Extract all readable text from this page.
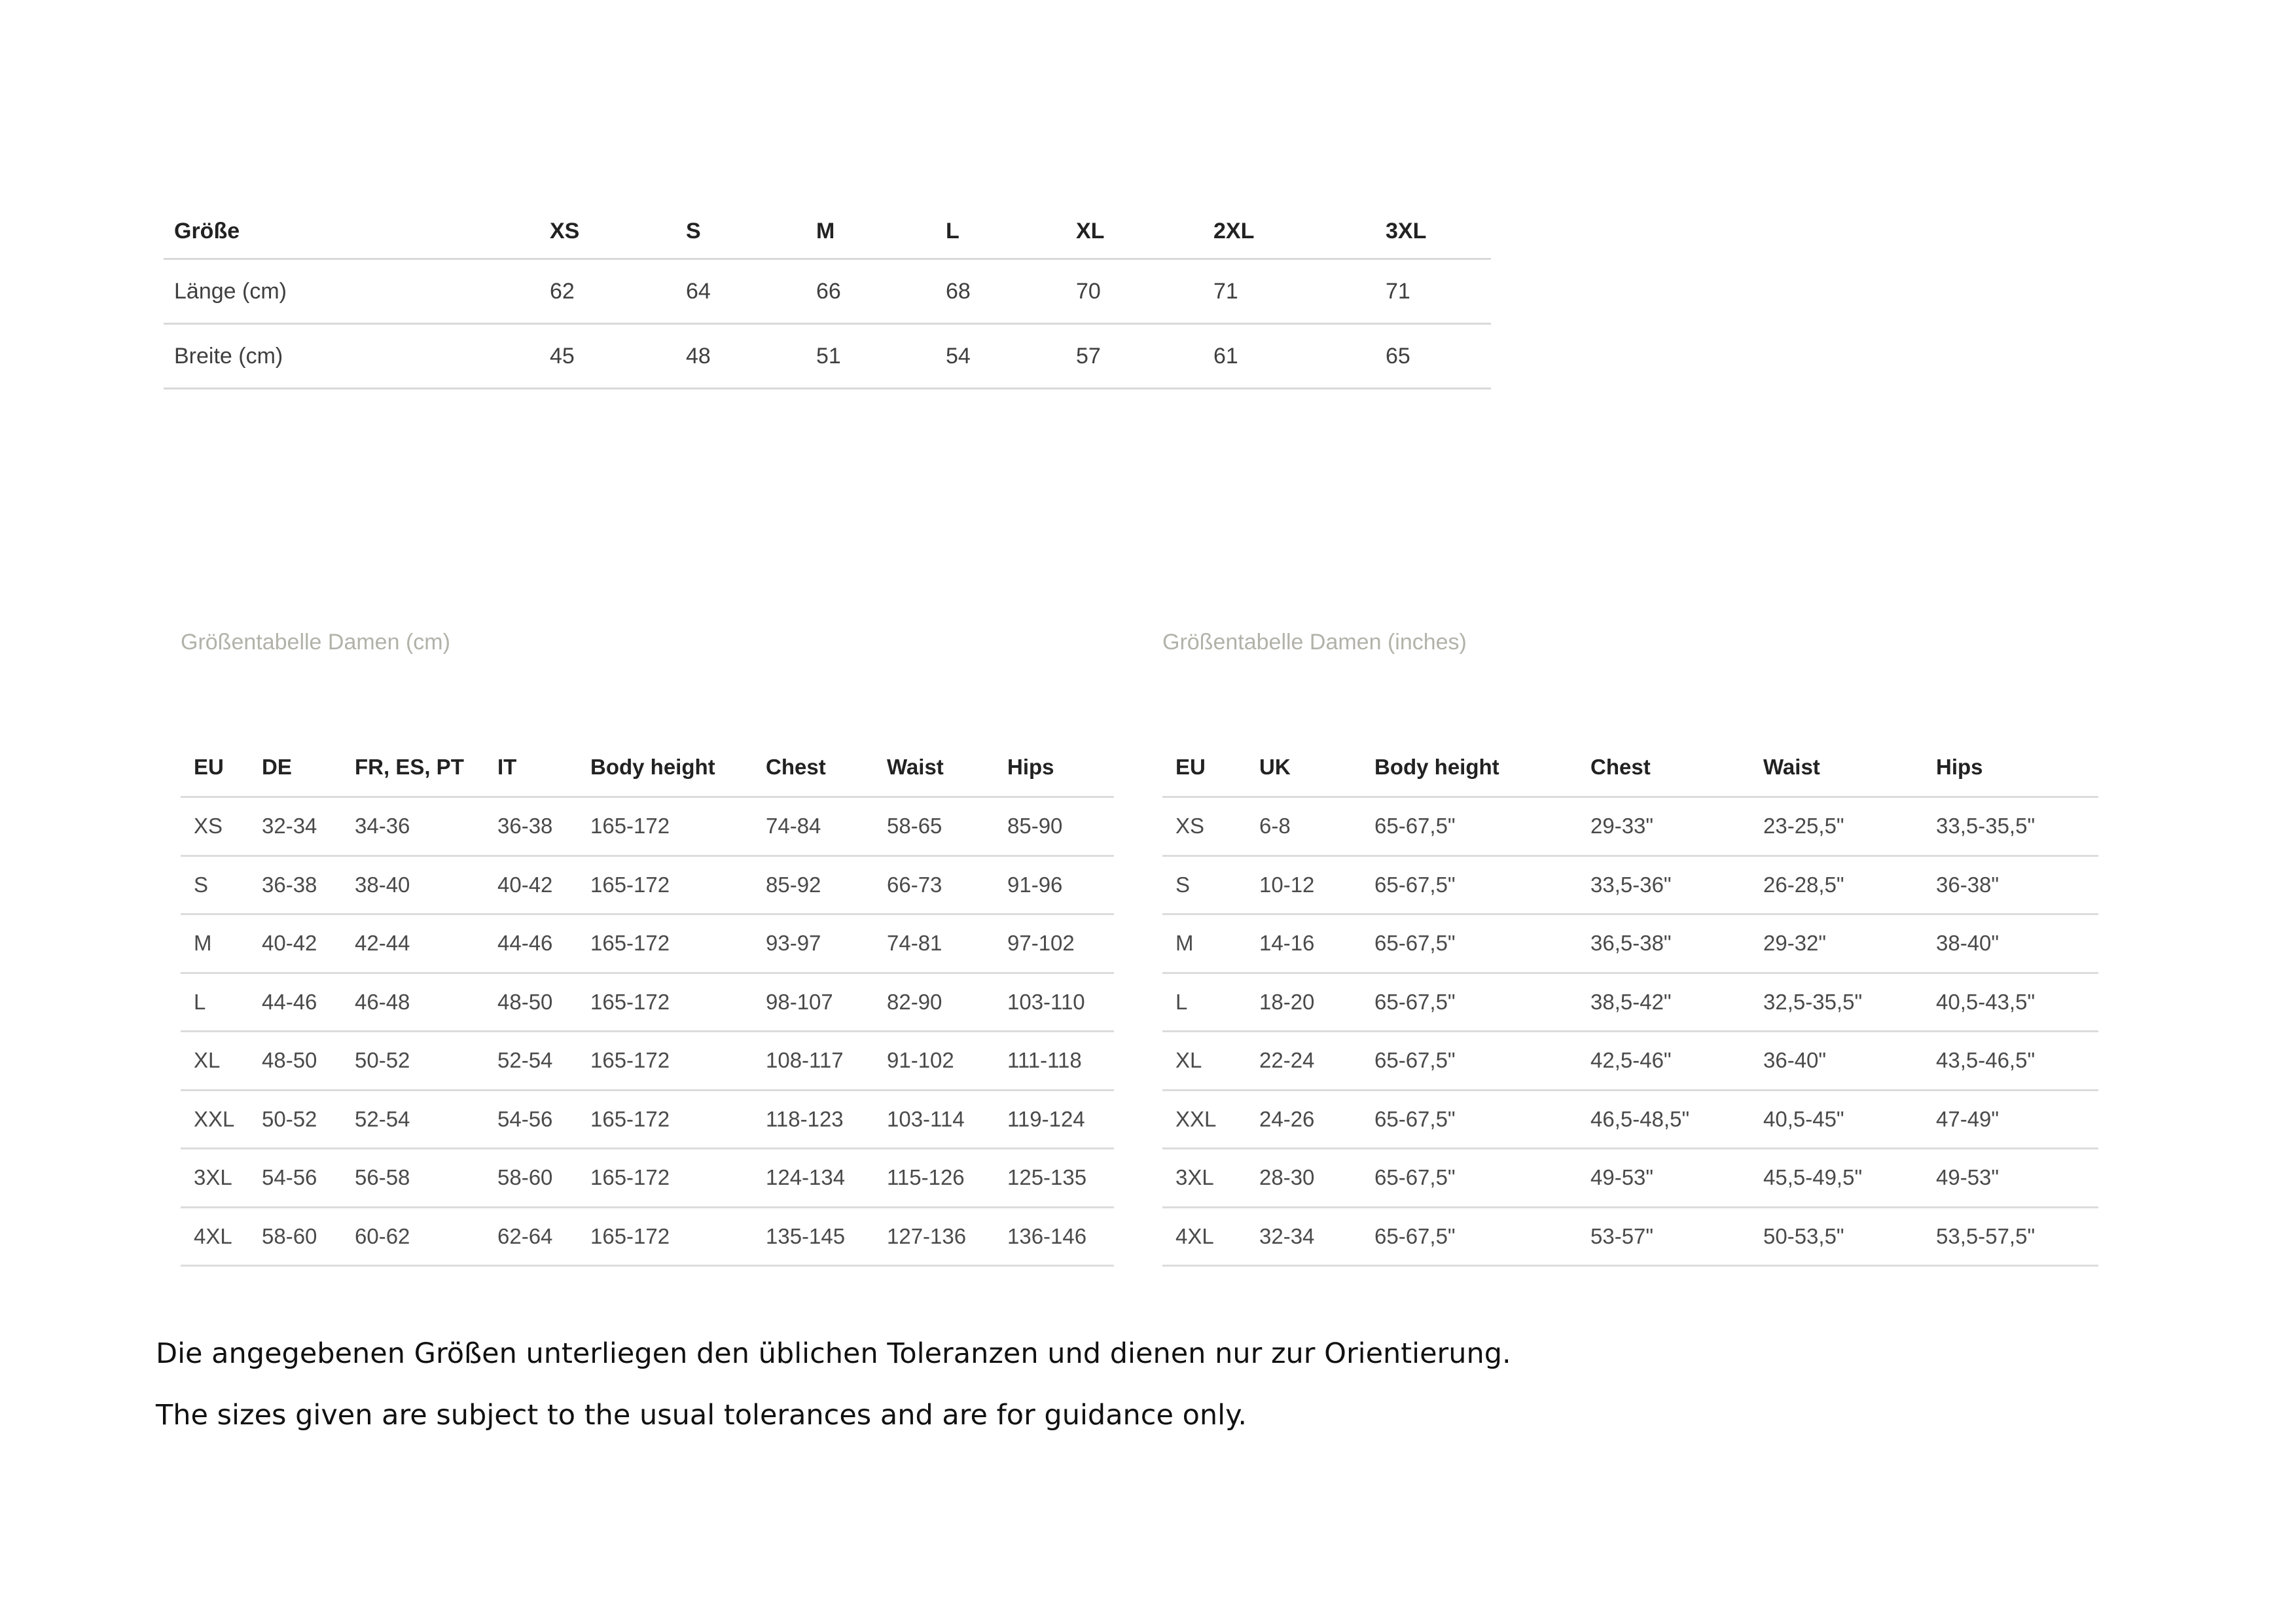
Größe	XS	S	M	L	XL	2XL	3XL
Länge (cm)	62	64	66	68	70	71	71
Breite (cm)	45	48	51	54	57	61	65
Größentabelle Damen (cm)	Größentabelle Damen (inches)
EU	DE	FR, ES, PT	IT	Body height	Chest	Waist	Hips
XS	32-34	34-36	36-38	165-172	74-84	58-65	85-90
S	36-38	38-40	40-42	165-172	85-92	66-73	91-96
M	40-42	42-44	44-46	165-172	93-97	74-81	97-102
L	44-46	46-48	48-50	165-172	98-107	82-90	103-110
XL	48-50	50-52	52-54	165-172	108-117	91-102	111-118
XXL	50-52	52-54	54-56	165-172	118-123	103-114	119-124
3XL	54-56	56-58	58-60	165-172	124-134	115-126	125-135
4XL	58-60	60-62	62-64	165-172	135-145	127-136	136-146
EU	UK	Body height	Chest	Waist	Hips
XS	6-8	65-67,5"	29-33"	23-25,5"	33,5-35,5"
S	10-12	65-67,5"	33,5-36"	26-28,5"	36-38"
M	14-16	65-67,5"	36,5-38"	29-32"	38-40"
L	18-20	65-67,5"	38,5-42"	32,5-35,5"	40,5-43,5"
XL	22-24	65-67,5"	42,5-46"	36-40"	43,5-46,5"
XXL	24-26	65-67,5"	46,5-48,5"	40,5-45"	47-49"
3XL	28-30	65-67,5"	49-53"	45,5-49,5"	49-53"
4XL	32-34	65-67,5"	53-57"	50-53,5"	53,5-57,5"
Die angegebenen Größen unterliegen den üblichen Toleranzen und dienen nur zur Orientierung.
The sizes given are subject to the usual tolerances and are for guidance only.
